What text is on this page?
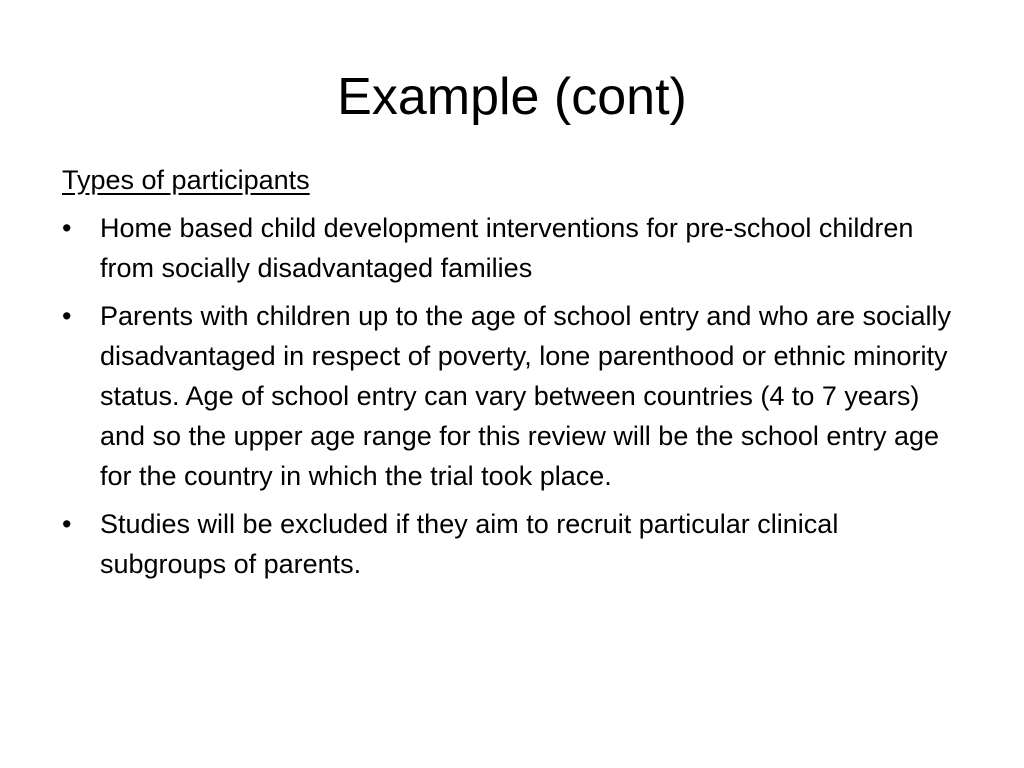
Example (cont)

Types of participants

•	Home based child development interventions for pre-school children from socially disadvantaged families
•	Parents with children up to the age of school entry and who are socially disadvantaged in respect of poverty, lone parenthood or ethnic minority status. Age of school entry can vary between countries (4 to 7 years) and so the upper age range for this review will be the school entry age for the country in which the trial took place.
•	Studies will be excluded if they aim to recruit particular clinical subgroups of parents.
